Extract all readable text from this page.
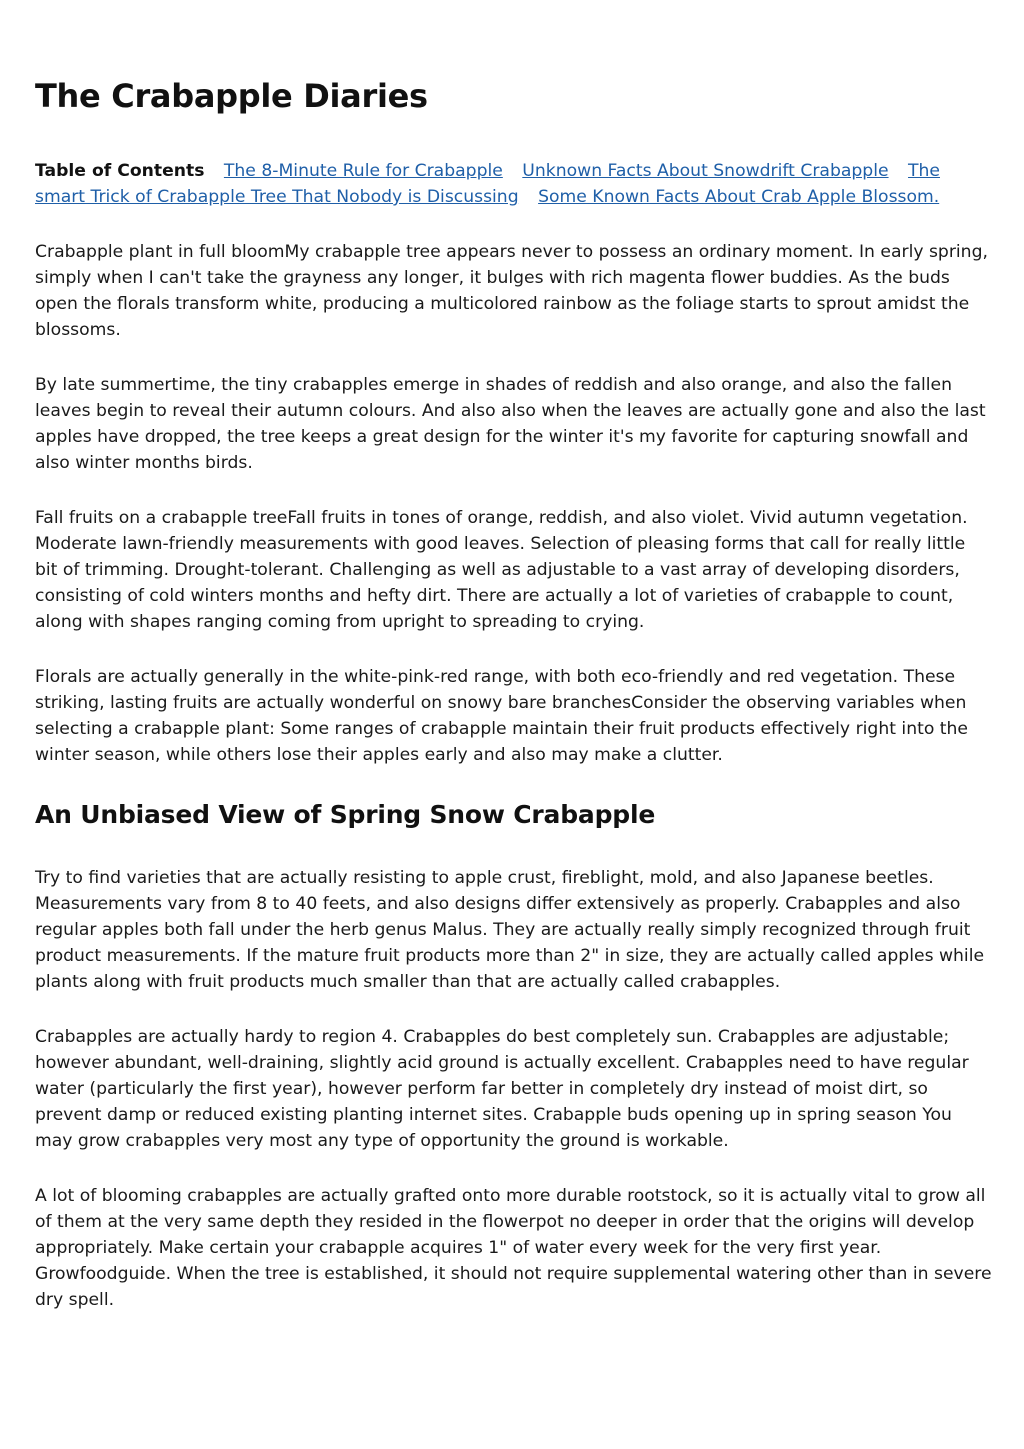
The Crabapple Diaries
Table of Contents The 8-Minute Rule for Crabapple Unknown Facts About Snowdrift Crabapple The smart Trick of Crabapple Tree That Nobody is Discussing Some Known Facts About Crab Apple Blossom.

Crabapple plant in full bloomMy crabapple tree appears never to possess an ordinary moment. In early spring, simply when I can't take the grayness any longer, it bulges with rich magenta flower buddies. As the buds open the florals transform white, producing a multicolored rainbow as the foliage starts to sprout amidst the blossoms.

By late summertime, the tiny crabapples emerge in shades of reddish and also orange, and also the fallen leaves begin to reveal their autumn colours. And also also when the leaves are actually gone and also the last apples have dropped, the tree keeps a great design for the winter it's my favorite for capturing snowfall and also winter months birds.

Fall fruits on a crabapple treeFall fruits in tones of orange, reddish, and also violet. Vivid autumn vegetation. Moderate lawn-friendly measurements with good leaves. Selection of pleasing forms that call for really little bit of trimming. Drought-tolerant. Challenging as well as adjustable to a vast array of developing disorders, consisting of cold winters months and hefty dirt. There are actually a lot of varieties of crabapple to count, along with shapes ranging coming from upright to spreading to crying.

Florals are actually generally in the white-pink-red range, with both eco-friendly and red vegetation. These striking, lasting fruits are actually wonderful on snowy bare branchesConsider the observing variables when selecting a crabapple plant: Some ranges of crabapple maintain their fruit products effectively right into the winter season, while others lose their apples early and also may make a clutter.

An Unbiased View of Spring Snow Crabapple

Try to find varieties that are actually resisting to apple crust, fireblight, mold, and also Japanese beetles. Measurements vary from 8 to 40 feets, and also designs differ extensively as properly. Crabapples and also regular apples both fall under the herb genus Malus. They are actually really simply recognized through fruit product measurements. If the mature fruit products more than 2" in size, they are actually called apples while plants along with fruit products much smaller than that are actually called crabapples.

Crabapples are actually hardy to region 4. Crabapples do best completely sun. Crabapples are adjustable; however abundant, well-draining, slightly acid ground is actually excellent. Crabapples need to have regular water (particularly the first year), however perform far better in completely dry instead of moist dirt, so prevent damp or reduced existing planting internet sites. Crabapple buds opening up in spring season You may grow crabapples very most any type of opportunity the ground is workable.

A lot of blooming crabapples are actually grafted onto more durable rootstock, so it is actually vital to grow all of them at the very same depth they resided in the flowerpot no deeper in order that the origins will develop appropriately. Make certain your crabapple acquires 1" of water every week for the very first year. Growfoodguide. When the tree is established, it should not require supplemental watering other than in severe dry spell.
